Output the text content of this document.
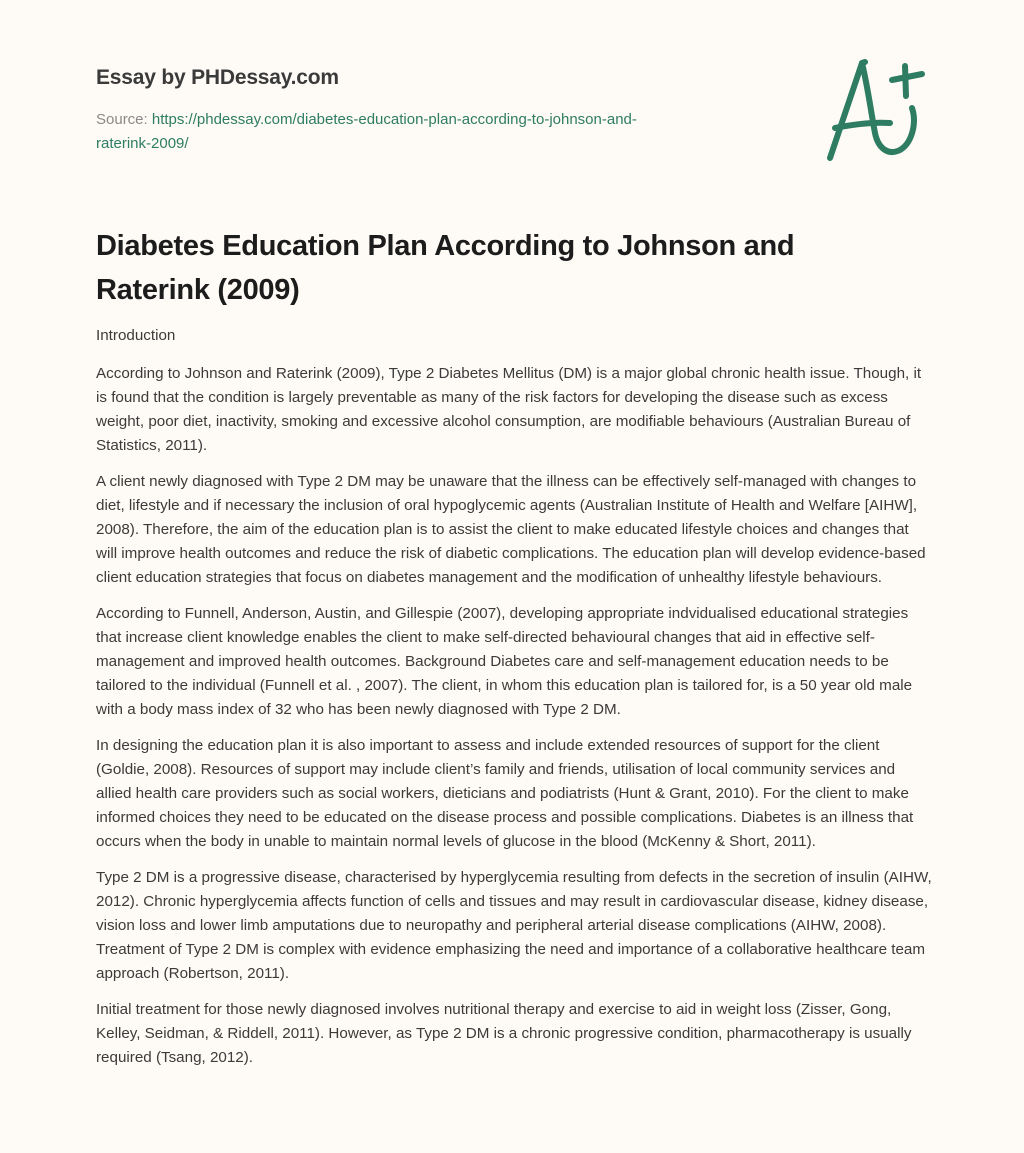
Essay by PHDessay.com
Source: https://phdessay.com/diabetes-education-plan-according-to-johnson-and-
raterink-2009/
Diabetes Education Plan According to Johnson and Raterink (2009)

Introduction

According to Johnson and Raterink (2009), Type 2 Diabetes Mellitus (DM) is a major global chronic health issue. Though, it is found that the condition is largely preventable as many of the risk factors for developing the disease such as excess weight, poor diet, inactivity, smoking and excessive alcohol consumption, are modifiable behaviours (Australian Bureau of Statistics, 2011).

A client newly diagnosed with Type 2 DM may be unaware that the illness can be effectively self-managed with changes to diet, lifestyle and if necessary the inclusion of oral hypoglycemic agents (Australian Institute of Health and Welfare [AIHW], 2008). Therefore, the aim of the education plan is to assist the client to make educated lifestyle choices and changes that will improve health outcomes and reduce the risk of diabetic complications. The education plan will develop evidence-based client education strategies that focus on diabetes management and the modification of unhealthy lifestyle behaviours.

According to Funnell, Anderson, Austin, and Gillespie (2007), developing appropriate indvidualised educational strategies that increase client knowledge enables the client to make self-directed behavioural changes that aid in effective self-management and improved health outcomes. Background Diabetes care and self-management education needs to be tailored to the individual (Funnell et al. , 2007). The client, in whom this education plan is tailored for, is a 50 year old male with a body mass index of 32 who has been newly diagnosed with Type 2 DM.

In designing the education plan it is also important to assess and include extended resources of support for the client (Goldie, 2008). Resources of support may include client’s family and friends, utilisation of local community services and allied health care providers such as social workers, dieticians and podiatrists (Hunt & Grant, 2010). For the client to make informed choices they need to be educated on the disease process and possible complications. Diabetes is an illness that occurs when the body in unable to maintain normal levels of glucose in the blood (McKenny & Short, 2011).

Type 2 DM is a progressive disease, characterised by hyperglycemia resulting from defects in the secretion of insulin (AIHW, 2012). Chronic hyperglycemia affects function of cells and tissues and may result in cardiovascular disease, kidney disease, vision loss and lower limb amputations due to neuropathy and peripheral arterial disease complications (AIHW, 2008). Treatment of Type 2 DM is complex with evidence emphasizing the need and importance of a collaborative healthcare team approach (Robertson, 2011).

Initial treatment for those newly diagnosed involves nutritional therapy and exercise to aid in weight loss (Zisser, Gong, Kelley, Seidman, & Riddell, 2011). However, as Type 2 DM is a chronic progressive condition, pharmacotherapy is usually required (Tsang, 2012).
